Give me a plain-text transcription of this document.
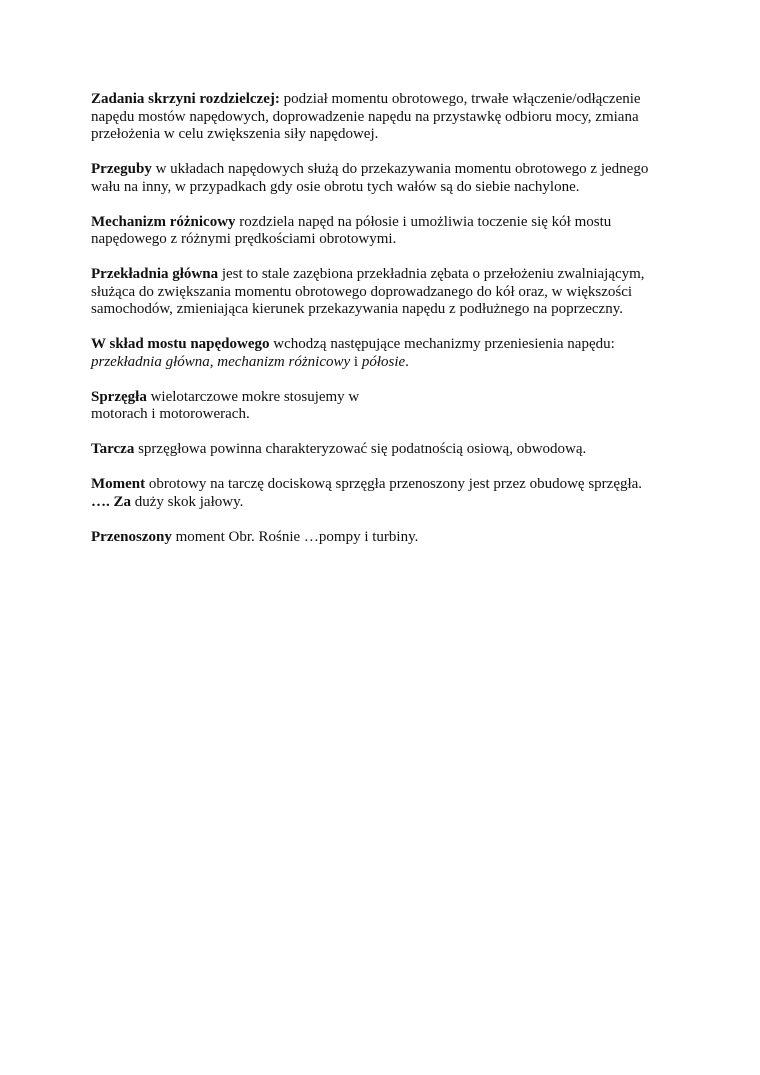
Zadania skrzyni rozdzielczej: podział momentu obrotowego, trwałe włączenie/odłączenie
napędu mostów napędowych, doprowadzenie napędu na przystawkę odbioru mocy, zmiana
przełożenia w celu zwiększenia siły napędowej.

Przeguby w układach napędowych służą do przekazywania momentu obrotowego z jednego
wału na inny, w przypadkach gdy osie obrotu tych wałów są do siebie nachylone.

Mechanizm różnicowy rozdziela napęd na półosie i umożliwia toczenie się kół mostu
napędowego z różnymi prędkościami obrotowymi.

Przekładnia główna jest to stale zazębiona przekładnia zębata o przełożeniu zwalniającym,
służąca do zwiększania momentu obrotowego doprowadzanego do kół oraz, w większości
samochodów, zmieniająca kierunek przekazywania napędu z podłużnego na poprzeczny.

W skład mostu napędowego wchodzą następujące mechanizmy przeniesienia napędu:
przekładnia główna, mechanizm różnicowy i półosie.

Sprzęgła wielotarczowe mokre stosujemy w
motorach i motorowerach.

Tarcza sprzęgłowa powinna charakteryzować się podatnością osiową, obwodową.

Moment obrotowy na tarczę dociskową sprzęgła przenoszony jest przez obudowę sprzęgła.
…. Za duży skok jałowy.

Przenoszony moment Obr. Rośnie …pompy i turbiny.
